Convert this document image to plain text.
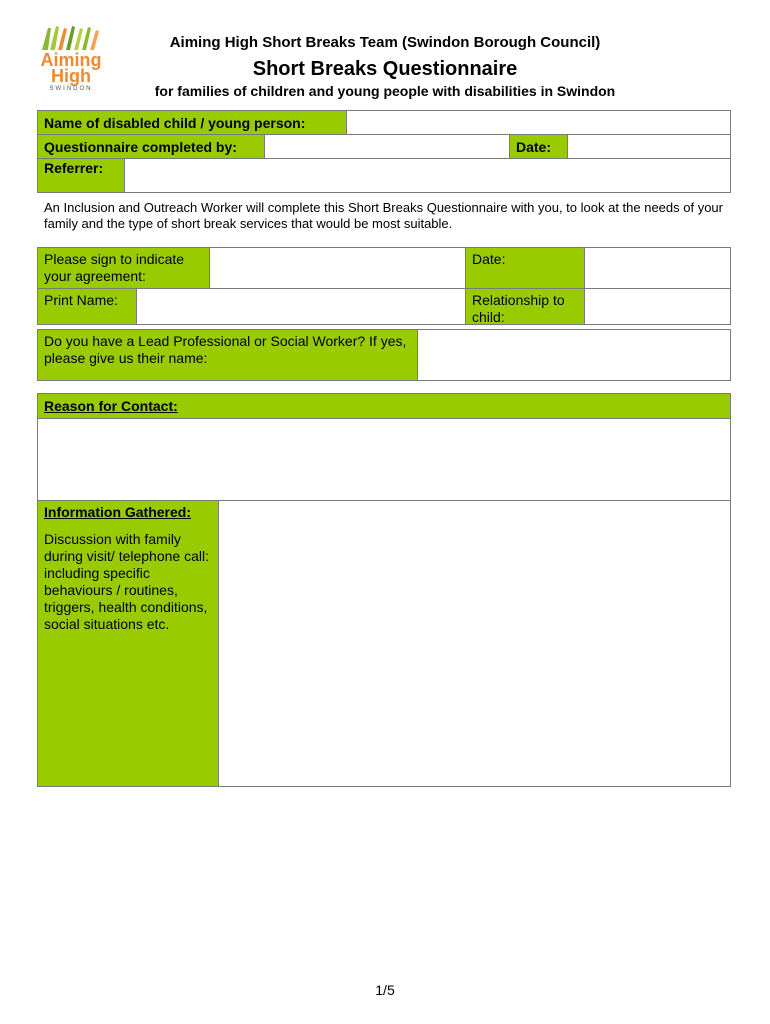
Aiming
High
SWINDON
Aiming High Short Breaks Team (Swindon Borough Council)
Short Breaks Questionnaire
for families of children and young people with disabilities in Swindon
Name of disabled child / young person:
Questionnaire completed by:	Date:
Referrer:
An Inclusion and Outreach Worker will complete this Short Breaks Questionnaire with you, to look at the needs of your family and the type of short break services that would be most suitable.
Please sign to indicate your agreement:
Date:
Print Name:	Relationship to child:
Do you have a Lead Professional or Social Worker? If yes, please give us their name:
Reason for Contact:
Information Gathered:
Discussion with family during visit/ telephone call: including specific behaviours / routines, triggers, health conditions, social situations etc.
1/5
